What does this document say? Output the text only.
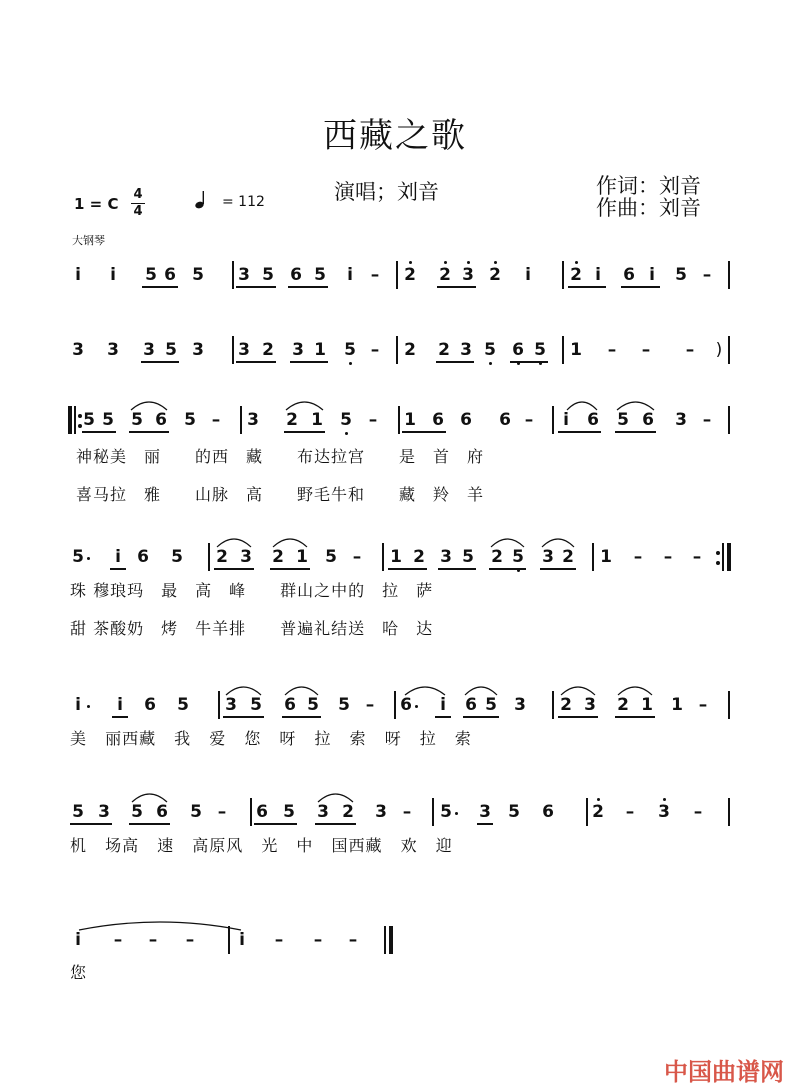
西藏之歌
演唱；刘音	作词：刘音
作曲：刘音
1 = C
4
4
= 112
大钢琴
i i 5 6 5 3 5 6 5 i – 2 2 3 2 i 2 i 6 i 5 –
3 3 3 5 3 3 2 3 1 5 – 2 2 3 5 6 5 1 – – – )
5 5 5 6 5 – 3 2 1 5 – 1 6 6 6 – i 6 5 6 3 –
5 i 6 5 2 3 2 1 5 – 1 2 3 5 2 5 3 2 1 – – –
i i 6 5 3 5 6 5 5 – 6 i 6 5 3 2 3 2 1 1 –
5 3 5 6 5 – 6 5 3 2 3 – 5 3 5 6 2 – 3 –
i – – –	i – – –
神秘美　丽　　的西　藏　　布达拉宫　　是　首　府
喜马拉　雅　　山脉　高　　野毛牛和　　藏　羚　羊
珠 穆琅玛　最　高　峰　　群山之中的　拉　萨
甜 茶酸奶　烤　牛羊排　　普遍礼结送　哈　达
美 丽西藏 我 爱 您 呀 拉 索 呀 拉 索
机 场高 速 高原风 光 中 国西藏 欢 迎
您
中国曲谱网
